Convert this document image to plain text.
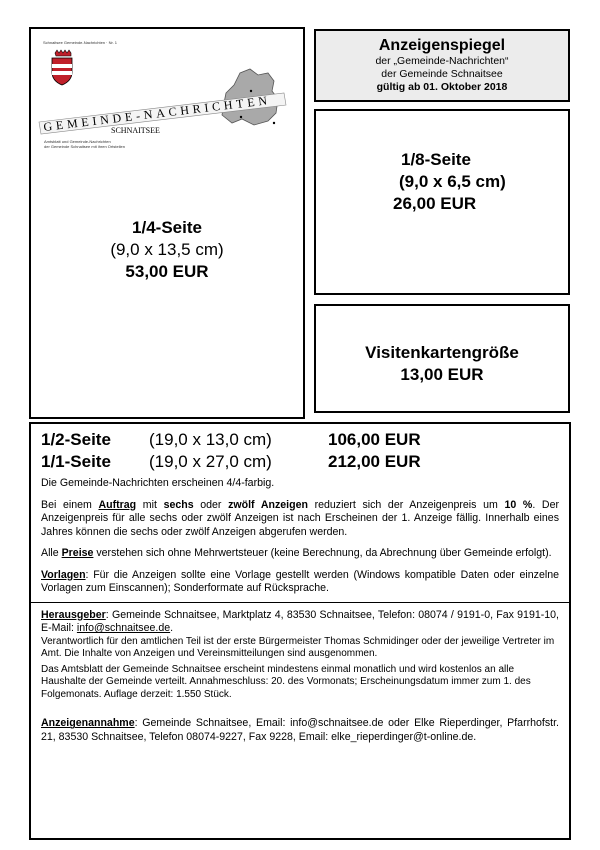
Schnaitsee Gemeinde-Nachrichten · Nr. 1
GEMEINDE-NACHRICHTEN
SCHNAITSEE
Amtsblatt und Gemeinde-Nachrichten
der Gemeinde Schnaitsee mit ihren Ortsteilen
1/4-Seite
(9,0 x 13,5 cm)
53,00 EUR
Anzeigenspiegel
der „Gemeinde-Nachrichten“
der Gemeinde Schnaitsee
gültig ab 01. Oktober 2018
1/8-Seite
(9,0 x 6,5 cm)
26,00 EUR
Visitenkartengröße
13,00 EUR
1/2-Seite (19,0 x 13,0 cm)	106,00 EUR
1/1-Seite (19,0 x 27,0 cm)	212,00 EUR

Die Gemeinde-Nachrichten erscheinen 4/4-farbig.

Bei einem Auftrag mit sechs oder zwölf Anzeigen reduziert sich der Anzeigenpreis um 10 %. Der Anzeigenpreis für alle sechs oder zwölf Anzeigen ist nach Erscheinen der 1. Anzeige fällig. Innerhalb eines Jahres können die sechs oder zwölf Anzeigen abgerufen werden.

Alle Preise verstehen sich ohne Mehrwertsteuer (keine Berechnung, da Abrechnung über Gemeinde erfolgt).

Vorlagen: Für die Anzeigen sollte eine Vorlage gestellt werden (Windows kompatible Daten oder einzelne Vorlagen zum Einscannen); Sonderformate auf Rücksprache.

Herausgeber: Gemeinde Schnaitsee, Marktplatz 4, 83530 Schnaitsee, Telefon: 08074 / 9191-0, Fax 9191-10, E-Mail: info@schnaitsee.de.

Verantwortlich für den amtlichen Teil ist der erste Bürgermeister Thomas Schmidinger oder der jeweilige Vertreter im Amt. Die Inhalte von Anzeigen und Vereinsmitteilungen sind ausgenommen.

Das Amtsblatt der Gemeinde Schnaitsee erscheint mindestens einmal monatlich und wird kostenlos an alle Haushalte der Gemeinde verteilt. Annahmeschluss: 20. des Vormonats; Erscheinungsdatum immer zum 1. des Folgemonats. Auflage derzeit: 1.550 Stück.

Anzeigenannahme: Gemeinde Schnaitsee, Email: info@schnaitsee.de oder Elke Rieperdinger, Pfarrhofstr. 21, 83530 Schnaitsee, Telefon 08074-9227, Fax 9228, Email: elke_rieperdinger@t-online.de.
